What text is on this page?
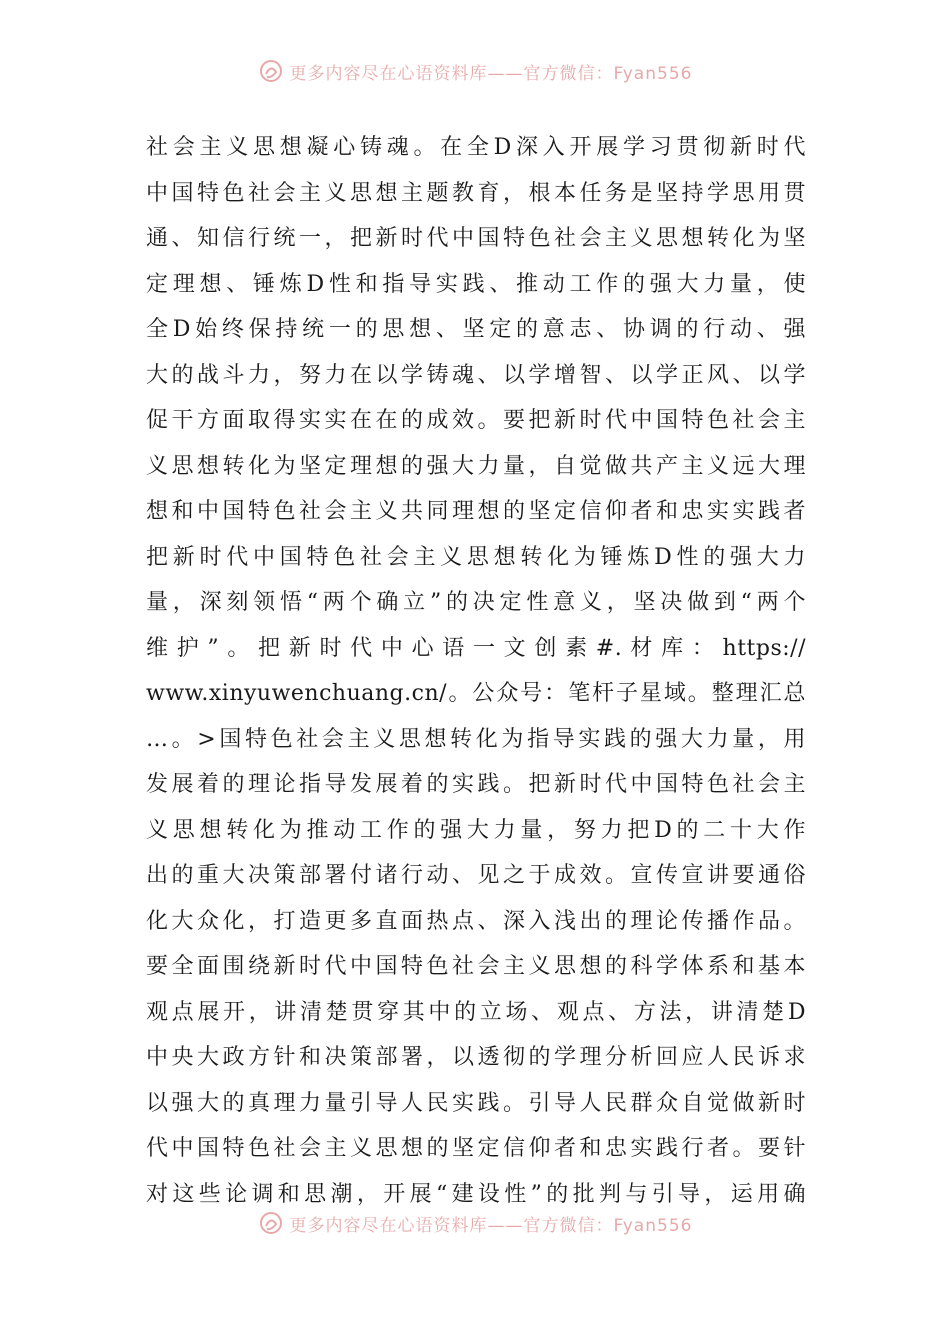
更多内容尽在心语资料库——官方微信：Fyan556
社会主义思想凝心铸魂。在全D深入开展学习贯彻新时代
中国特色社会主义思想主题教育，根本任务是坚持学思用贯
通、知信行统一，把新时代中国特色社会主义思想转化为坚
定理想、锤炼D性和指导实践、推动工作的强大力量，使
全D始终保持统一的思想、坚定的意志、协调的行动、强
大的战斗力，努力在以学铸魂、以学增智、以学正风、以学
促干方面取得实实在在的成效。要把新时代中国特色社会主
义思想转化为坚定理想的强大力量，自觉做共产主义远大理
想和中国特色社会主义共同理想的坚定信仰者和忠实实践者
把新时代中国特色社会主义思想转化为锤炼D性的强大力
量，深刻领悟“两个确立”的决定性意义，坚决做到“两个
维护”。把新时代中心语一文创素#.材库：https://
www.xinyuwenchuang.cn/。公众号：笔杆子星域。整理汇总
…。>国特色社会主义思想转化为指导实践的强大力量，用
发展着的理论指导发展着的实践。把新时代中国特色社会主
义思想转化为推动工作的强大力量，努力把D的二十大作
出的重大决策部署付诸行动、见之于成效。宣传宣讲要通俗
化大众化，打造更多直面热点、深入浅出的理论传播作品。
要全面围绕新时代中国特色社会主义思想的科学体系和基本
观点展开，讲清楚贯穿其中的立场、观点、方法，讲清楚D
中央大政方针和决策部署，以透彻的学理分析回应人民诉求
以强大的真理力量引导人民实践。引导人民群众自觉做新时
代中国特色社会主义思想的坚定信仰者和忠实践行者。要针
对这些论调和思潮，开展“建设性”的批判与引导，运用确
更多内容尽在心语资料库——官方微信：Fyan556
